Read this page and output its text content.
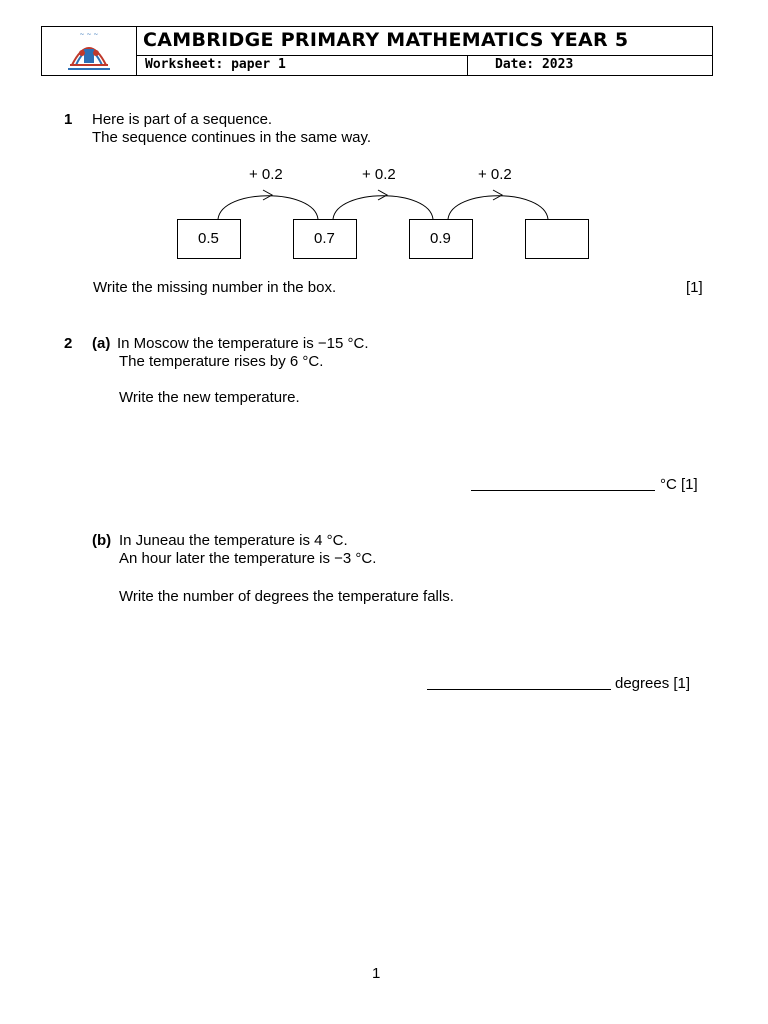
~ ~ ~ CAMBRIDGE PRIMARY MATHEMATICS YEAR 5
Worksheet: paper 1	Date: 2023
1 Here is part of a sequence.
The sequence continues in the same way.
+ 0.2	+ 0.2	+ 0.2
0.5	0.7	0.9
Write the missing number in the box.	[1]
2 (a) In Moscow the temperature is −15 °C.
The temperature rises by 6 °C.
Write the new temperature.
°C [1]
(b) In Juneau the temperature is 4 °C.
An hour later the temperature is −3 °C.
Write the number of degrees the temperature falls.
degrees [1]
1
